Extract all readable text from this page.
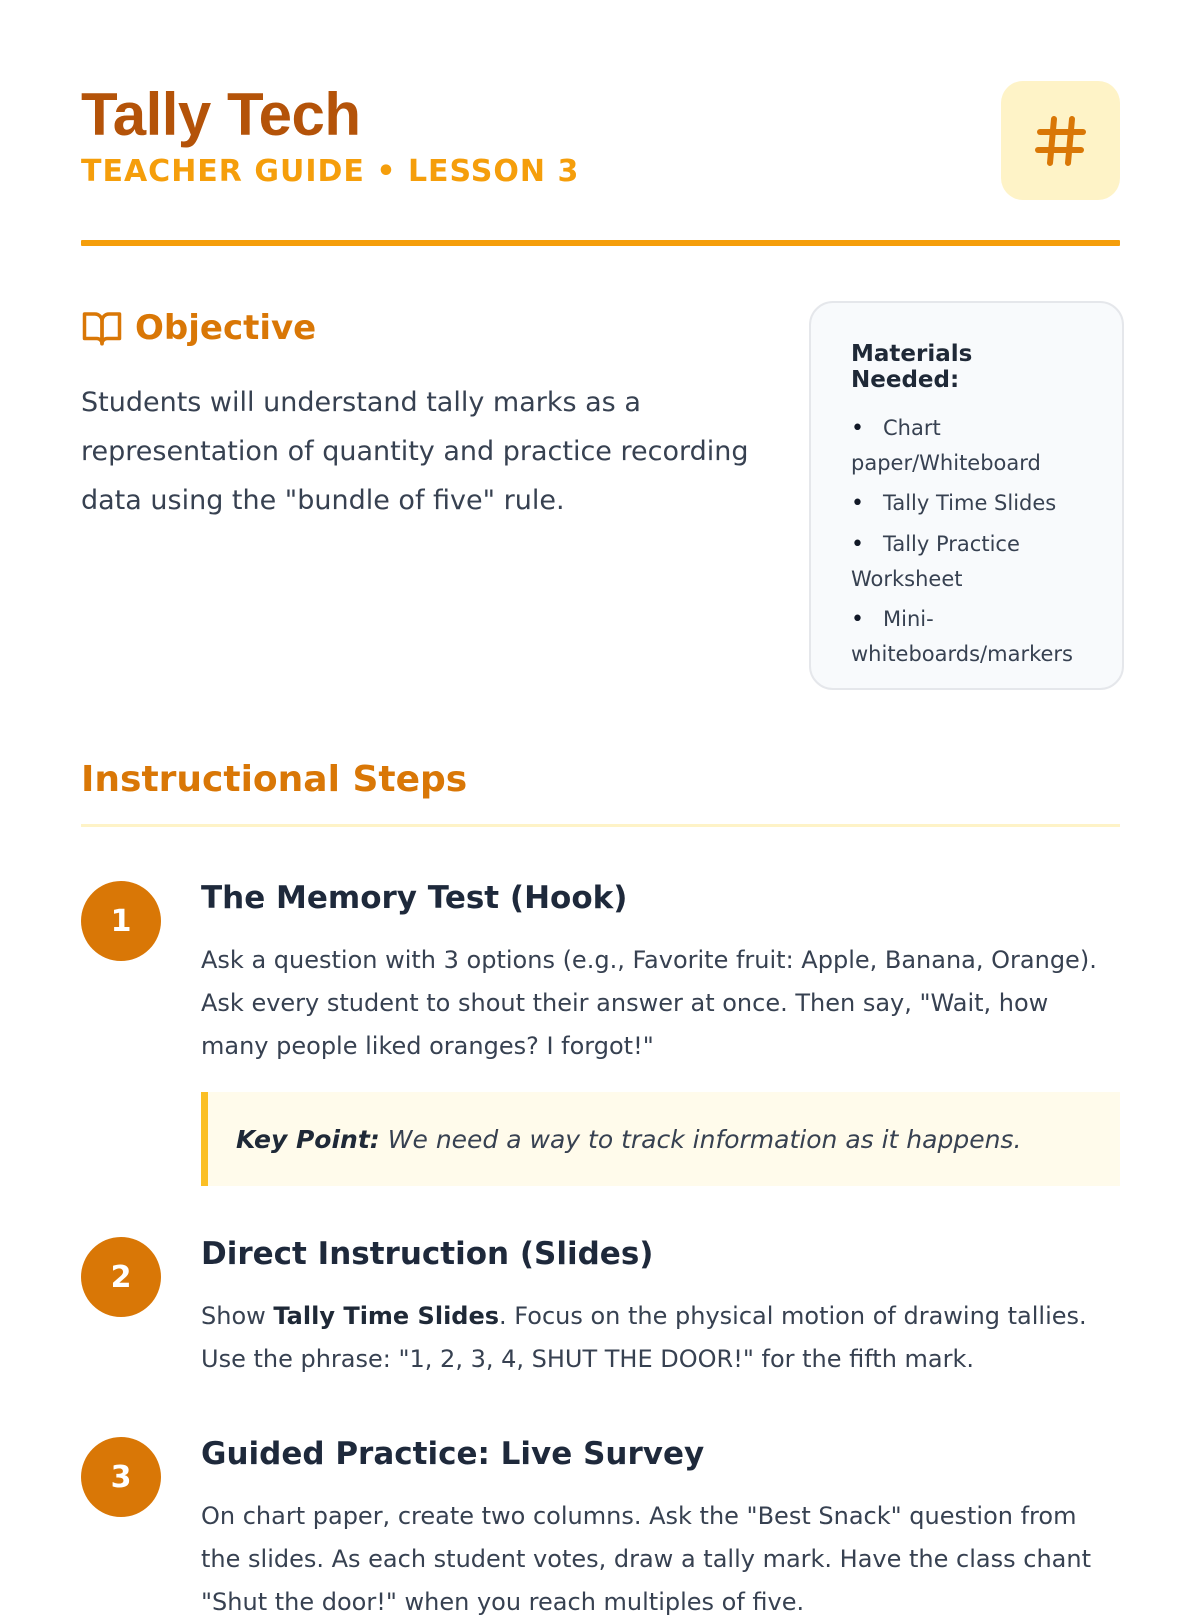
Tally Tech
TEACHER GUIDE • LESSON 3
Objective

Students will understand tally marks as a representation of quantity and practice recording data using the "bundle of five" rule.

Materials Needed:
• Chart paper/Whiteboard
• Tally Time Slides
• Tally Practice Worksheet
• Mini-whiteboards/markers
Instructional Steps
1
The Memory Test (Hook)

Ask a question with 3 options (e.g., Favorite fruit: Apple, Banana, Orange). Ask every student to shout their answer at once. Then say, "Wait, how many people liked oranges? I forgot!"

Key Point: We need a way to track information as it happens.
2
Direct Instruction (Slides)

Show Tally Time Slides. Focus on the physical motion of drawing tallies. Use the phrase: "1, 2, 3, 4, SHUT THE DOOR!" for the fifth mark.

3
Guided Practice: Live Survey

On chart paper, create two columns. Ask the "Best Snack" question from the slides. As each student votes, draw a tally mark. Have the class chant "Shut the door!" when you reach multiples of five.
